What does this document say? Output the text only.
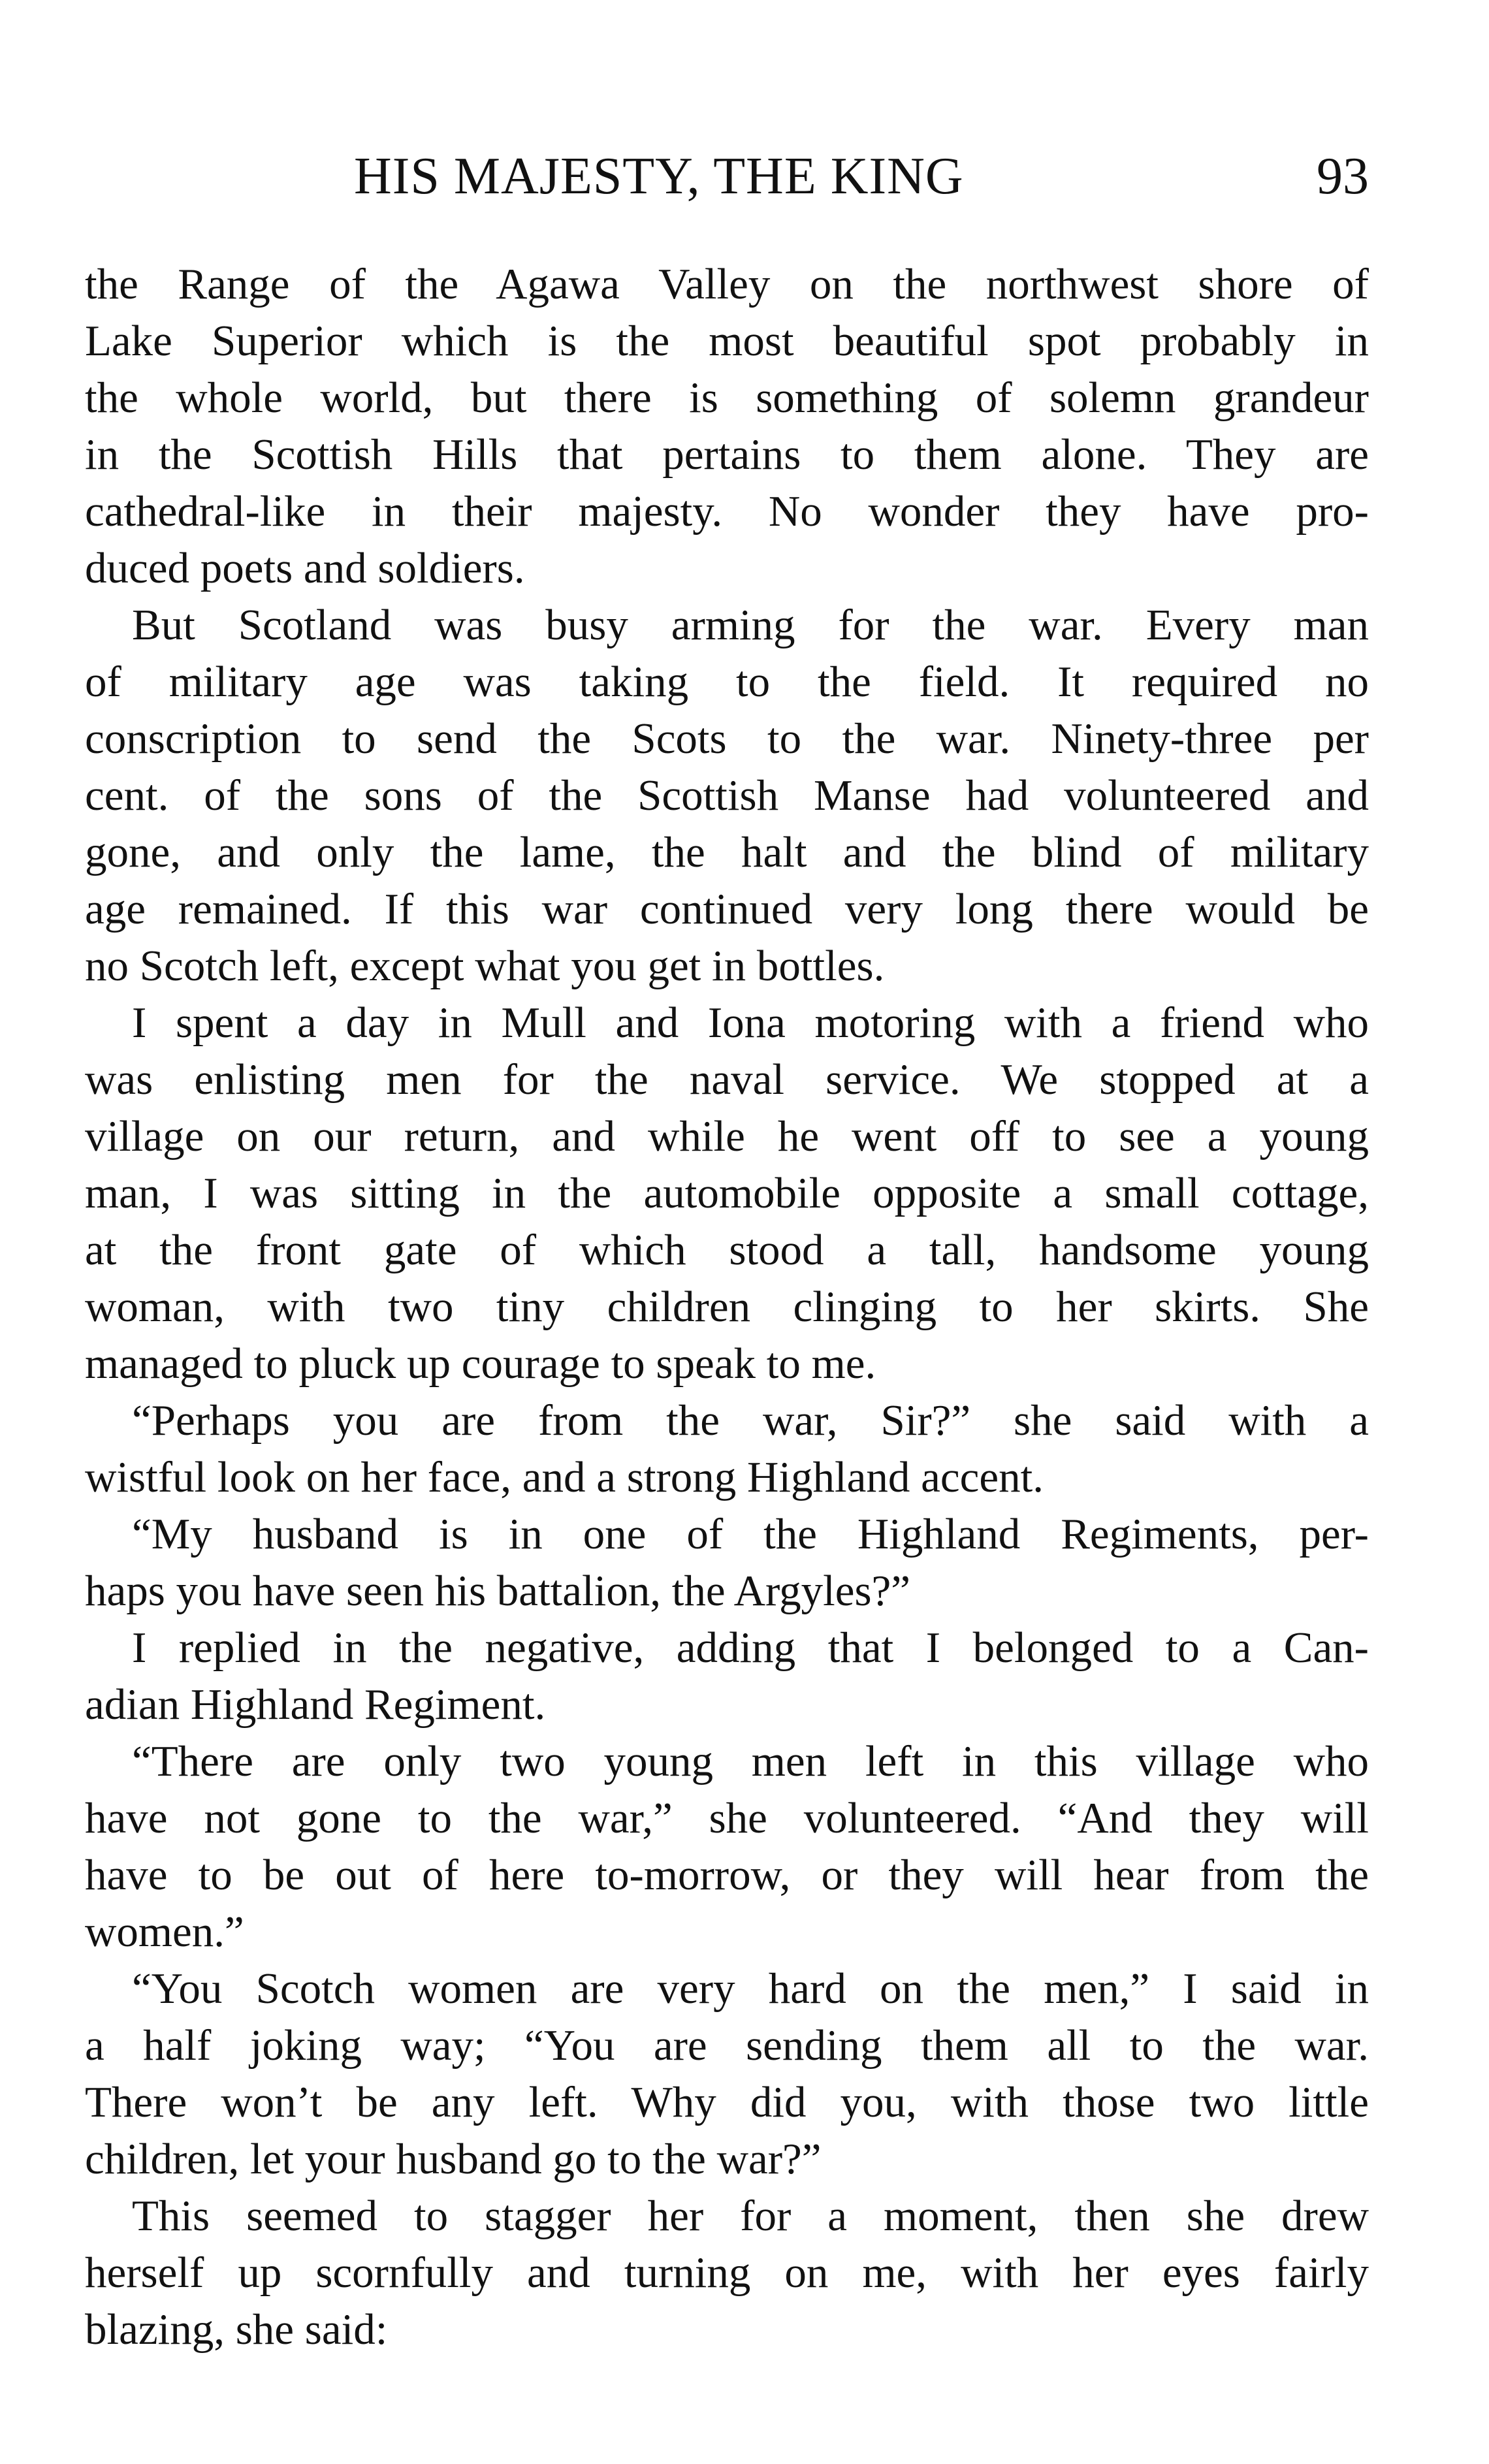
HIS MAJESTY, THE KING	93
the Range of the Agawa Valley on the northwest shore of
Lake Superior which is the most beautiful spot probably in
the whole world, but there is something of solemn grandeur
in the Scottish Hills that pertains to them alone. They are
cathedral-like in their majesty. No wonder they have pro-
duced poets and soldiers.
But Scotland was busy arming for the war. Every man
of military age was taking to the field. It required no
conscription to send the Scots to the war. Ninety-three per
cent. of the sons of the Scottish Manse had volunteered and
gone, and only the lame, the halt and the blind of military
age remained. If this war continued very long there would be
no Scotch left, except what you get in bottles.
I spent a day in Mull and Iona motoring with a friend who
was enlisting men for the naval service. We stopped at a
village on our return, and while he went off to see a young
man, I was sitting in the automobile opposite a small cottage,
at the front gate of which stood a tall, handsome young
woman, with two tiny children clinging to her skirts. She
managed to pluck up courage to speak to me.
“Perhaps you are from the war, Sir?” she said with a
wistful look on her face, and a strong Highland accent.
“My husband is in one of the Highland Regiments, per-
haps you have seen his battalion, the Argyles?”
I replied in the negative, adding that I belonged to a Can-
adian Highland Regiment.
“There are only two young men left in this village who
have not gone to the war,” she volunteered. “And they will
have to be out of here to-morrow, or they will hear from the
women.”
“You Scotch women are very hard on the men,” I said in
a half joking way; “You are sending them all to the war.
There won’t be any left. Why did you, with those two little
children, let your husband go to the war?”
This seemed to stagger her for a moment, then she drew
herself up scornfully and turning on me, with her eyes fairly
blazing, she said:
